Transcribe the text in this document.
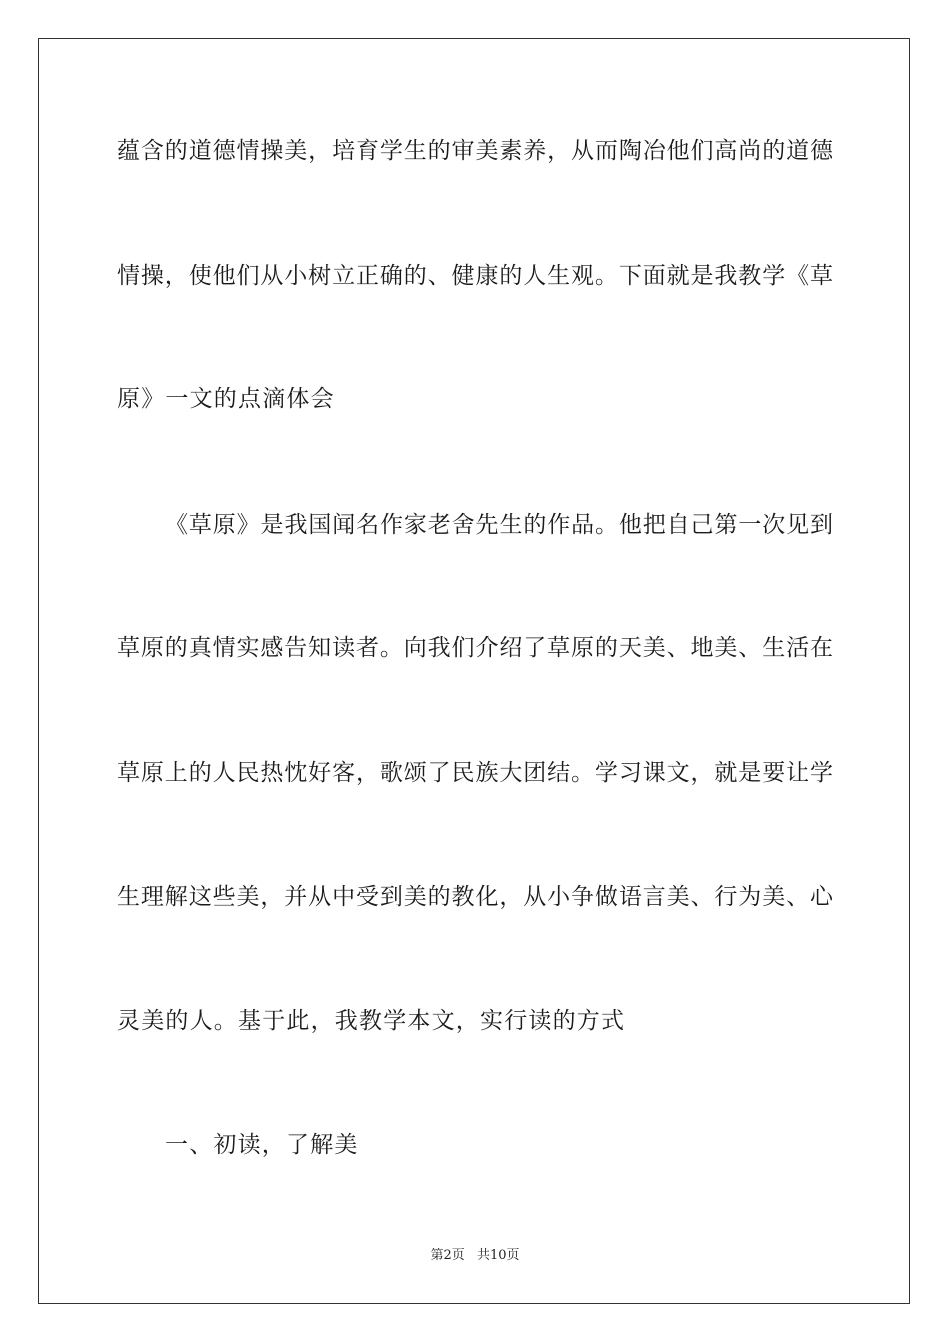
蕴含的道德情操美，培育学生的审美素养，从而陶冶他们高尚的道德
情操，使他们从小树立正确的、健康的人生观。下面就是我教学《草
原》一文的点滴体会
《草原》是我国闻名作家老舍先生的作品。他把自己第一次见到
草原的真情实感告知读者。向我们介绍了草原的天美、地美、生活在
草原上的人民热忱好客，歌颂了民族大团结。学习课文，就是要让学
生理解这些美，并从中受到美的教化，从小争做语言美、行为美、心
灵美的人。基于此，我教学本文，实行读的方式
一、初读，了解美
第2页 共10页
